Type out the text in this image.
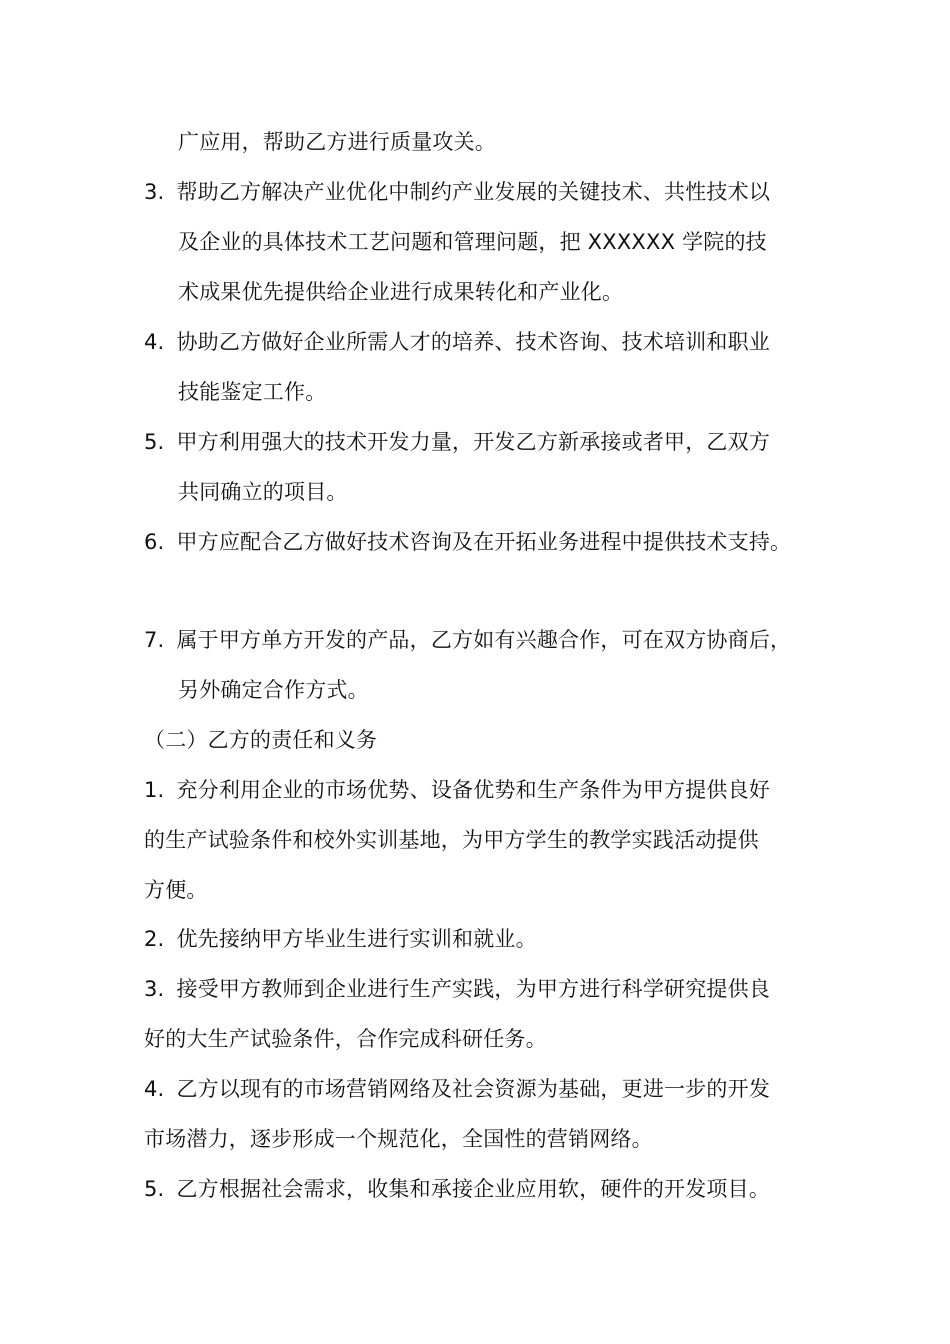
广应用，帮助乙方进行质量攻关。
3. 帮助乙方解决产业优化中制约产业发展的关键技术、共性技术以
及企业的具体技术工艺问题和管理问题，把 XXXXXX 学院的技
术成果优先提供给企业进行成果转化和产业化。
4. 协助乙方做好企业所需人才的培养、技术咨询、技术培训和职业
技能鉴定工作。
5. 甲方利用强大的技术开发力量，开发乙方新承接或者甲，乙双方
共同确立的项目。
6. 甲方应配合乙方做好技术咨询及在开拓业务进程中提供技术支持。
7. 属于甲方单方开发的产品，乙方如有兴趣合作，可在双方协商后，
另外确定合作方式。
（二）乙方的责任和义务
1. 充分利用企业的市场优势、设备优势和生产条件为甲方提供良好
的生产试验条件和校外实训基地，为甲方学生的教学实践活动提供
方便。
2. 优先接纳甲方毕业生进行实训和就业。
3. 接受甲方教师到企业进行生产实践，为甲方进行科学研究提供良
好的大生产试验条件，合作完成科研任务。
4. 乙方以现有的市场营销网络及社会资源为基础，更进一步的开发
市场潜力，逐步形成一个规范化，全国性的营销网络。
5. 乙方根据社会需求，收集和承接企业应用软，硬件的开发项目。
